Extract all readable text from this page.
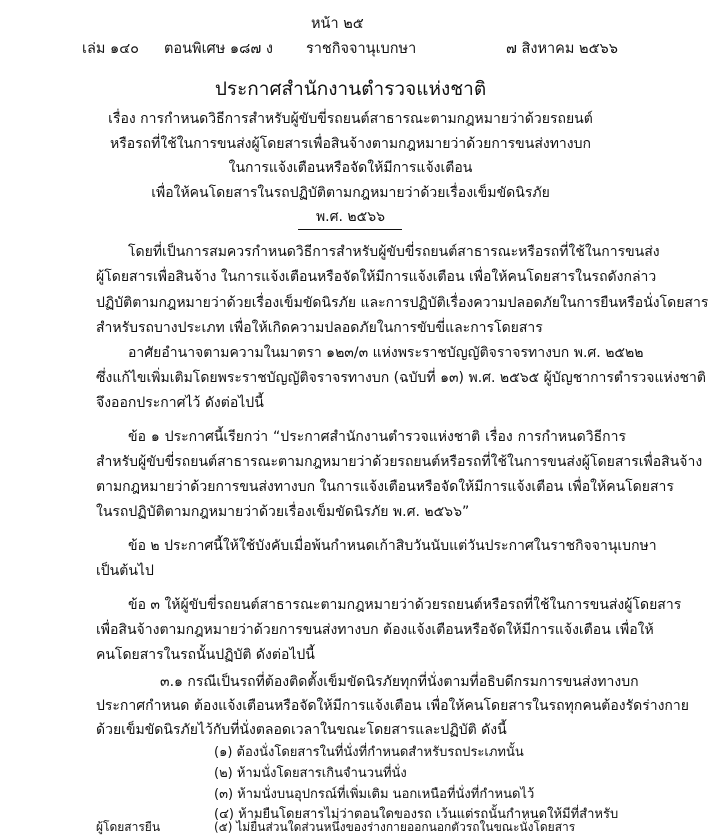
หน้า ๒๕
เล่ม ๑๔๐ ตอนพิเศษ ๑๘๗ ง ราชกิจจานุเบกษา	๗ สิงหาคม ๒๕๖๖
ประกาศสำนักงานตำรวจแห่งชาติ
เรื่อง การกำหนดวิธีการสำหรับผู้ขับขี่รถยนต์สาธารณะตามกฎหมายว่าด้วยรถยนต์
หรือรถที่ใช้ในการขนส่งผู้โดยสารเพื่อสินจ้างตามกฎหมายว่าด้วยการขนส่งทางบก
ในการแจ้งเตือนหรือจัดให้มีการแจ้งเตือน
เพื่อให้คนโดยสารในรถปฏิบัติตามกฎหมายว่าด้วยเรื่องเข็มขัดนิรภัย
พ.ศ. ๒๕๖๖
โดยที่เป็นการสมควรกำหนดวิธีการสำหรับผู้ขับขี่รถยนต์สาธารณะหรือรถที่ใช้ในการขนส่ง
ผู้โดยสารเพื่อสินจ้าง ในการแจ้งเตือนหรือจัดให้มีการแจ้งเตือน เพื่อให้คนโดยสารในรถดังกล่าว
ปฏิบัติตามกฎหมายว่าด้วยเรื่องเข็มขัดนิรภัย และการปฏิบัติเรื่องความปลอดภัยในการยืนหรือนั่งโดยสาร
สำหรับรถบางประเภท เพื่อให้เกิดความปลอดภัยในการขับขี่และการโดยสาร
อาศัยอำนาจตามความในมาตรา ๑๒๓/๓ แห่งพระราชบัญญัติจราจรทางบก พ.ศ. ๒๕๒๒
ซึ่งแก้ไขเพิ่มเติมโดยพระราชบัญญัติจราจรทางบก (ฉบับที่ ๑๓) พ.ศ. ๒๕๖๕ ผู้บัญชาการตำรวจแห่งชาติ
จึงออกประกาศไว้ ดังต่อไปนี้
ข้อ ๑ ประกาศนี้เรียกว่า “ประกาศสำนักงานตำรวจแห่งชาติ เรื่อง การกำหนดวิธีการ
สำหรับผู้ขับขี่รถยนต์สาธารณะตามกฎหมายว่าด้วยรถยนต์หรือรถที่ใช้ในการขนส่งผู้โดยสารเพื่อสินจ้าง
ตามกฎหมายว่าด้วยการขนส่งทางบก ในการแจ้งเตือนหรือจัดให้มีการแจ้งเตือน เพื่อให้คนโดยสาร
ในรถปฏิบัติตามกฎหมายว่าด้วยเรื่องเข็มขัดนิรภัย พ.ศ. ๒๕๖๖”
ข้อ ๒ ประกาศนี้ให้ใช้บังคับเมื่อพ้นกำหนดเก้าสิบวันนับแต่วันประกาศในราชกิจจานุเบกษา
เป็นต้นไป
ข้อ ๓ ให้ผู้ขับขี่รถยนต์สาธารณะตามกฎหมายว่าด้วยรถยนต์หรือรถที่ใช้ในการขนส่งผู้โดยสาร
เพื่อสินจ้างตามกฎหมายว่าด้วยการขนส่งทางบก ต้องแจ้งเตือนหรือจัดให้มีการแจ้งเตือน เพื่อให้
คนโดยสารในรถนั้นปฏิบัติ ดังต่อไปนี้
๓.๑ กรณีเป็นรถที่ต้องติดตั้งเข็มขัดนิรภัยทุกที่นั่งตามที่อธิบดีกรมการขนส่งทางบก
ประกาศกำหนด ต้องแจ้งเตือนหรือจัดให้มีการแจ้งเตือน เพื่อให้คนโดยสารในรถทุกคนต้องรัดร่างกาย
ด้วยเข็มขัดนิรภัยไว้กับที่นั่งตลอดเวลาในขณะโดยสารและปฏิบัติ ดังนี้
(๑) ต้องนั่งโดยสารในที่นั่งที่กำหนดสำหรับรถประเภทนั้น
(๒) ห้ามนั่งโดยสารเกินจำนวนที่นั่ง
(๓) ห้ามนั่งบนอุปกรณ์ที่เพิ่มเติม นอกเหนือที่นั่งที่กำหนดไว้
(๔) ห้ามยืนโดยสารไม่ว่าตอนใดของรถ เว้นแต่รถนั้นกำหนดให้มีที่สำหรับ
ผู้โดยสารยืน	(๕) ไม่ยื่นส่วนใดส่วนหนึ่งของร่างกายออกนอกตัวรถในขณะนั่งโดยสาร
